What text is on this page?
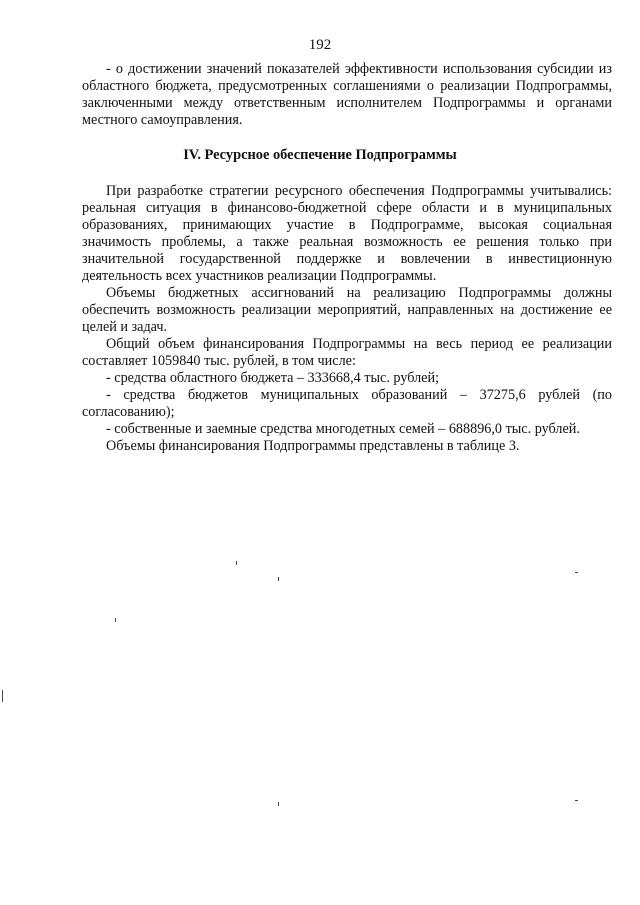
192

- о достижении значений показателей эффективности использования субсидии из областного бюджета, предусмотренных соглашениями о реализации Подпрограммы, заключенными между ответственным исполнителем Подпрограммы и органами местного самоуправления.

IV. Ресурсное обеспечение Подпрограммы

При разработке стратегии ресурсного обеспечения Подпрограммы учитывались: реальная ситуация в финансово-бюджетной сфере области и в муниципальных образованиях, принимающих участие в Подпрограмме, высокая социальная значимость проблемы, а также реальная возможность ее решения только при значительной государственной поддержке и вовлечении в инвестиционную деятельность всех участников реализации Подпрограммы.

Объемы бюджетных ассигнований на реализацию Подпрограммы должны обеспечить возможность реализации мероприятий, направленных на достижение ее целей и задач.

Общий объем финансирования Подпрограммы на весь период ее реализации составляет 1059840 тыс. рублей, в том числе:

- средства областного бюджета – 333668,4 тыс. рублей;

- средства бюджетов муниципальных образований – 37275,6 рублей (по согласованию);

- собственные и заемные средства многодетных семей – 688896,0 тыс. рублей.

Объемы финансирования Подпрограммы представлены в таблице 3.
